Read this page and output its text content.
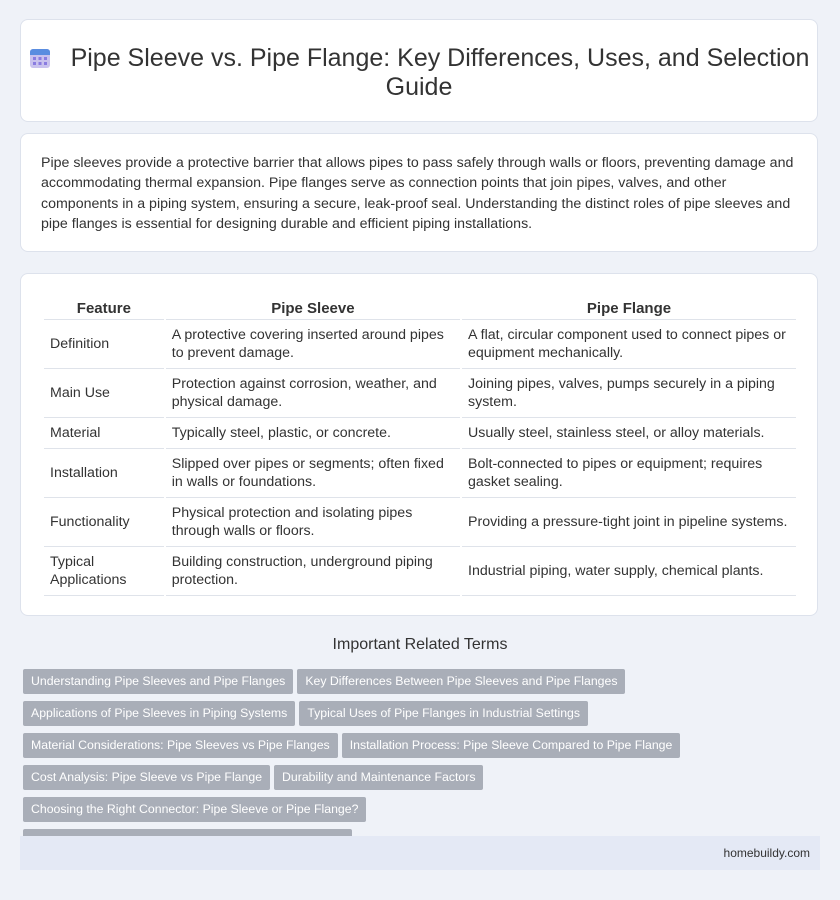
Pipe Sleeve vs. Pipe Flange: Key Differences, Uses, and Selection Guide

Pipe sleeves provide a protective barrier that allows pipes to pass safely through walls or floors, preventing damage and accommodating thermal expansion. Pipe flanges serve as connection points that join pipes, valves, and other components in a piping system, ensuring a secure, leak-proof seal. Understanding the distinct roles of pipe sleeves and pipe flanges is essential for designing durable and efficient piping installations.

Feature	Pipe Sleeve	Pipe Flange
Definition	A protective covering inserted around pipes to prevent damage.	A flat, circular component used to connect pipes or equipment mechanically.
Main Use	Protection against corrosion, weather, and physical damage.	Joining pipes, valves, pumps securely in a piping system.
Material	Typically steel, plastic, or concrete.	Usually steel, stainless steel, or alloy materials.
Installation	Slipped over pipes or segments; often fixed in walls or foundations.	Bolt-connected to pipes or equipment; requires gasket sealing.
Functionality	Physical protection and isolating pipes through walls or floors.	Providing a pressure-tight joint in pipeline systems.
Typical Applications	Building construction, underground piping protection.	Industrial piping, water supply, chemical plants.
Important Related Terms
Understanding Pipe Sleeves and Pipe Flanges Key Differences Between Pipe Sleeves and Pipe Flanges
Applications of Pipe Sleeves in Piping Systems Typical Uses of Pipe Flanges in Industrial Settings
Material Considerations: Pipe Sleeves vs Pipe Flanges Installation Process: Pipe Sleeve Compared to Pipe Flange
Cost Analysis: Pipe Sleeve vs Pipe Flange Durability and Maintenance FactorsChoosing the Right Connector: Pipe Sleeve or Pipe Flange?

homebuildy.com
